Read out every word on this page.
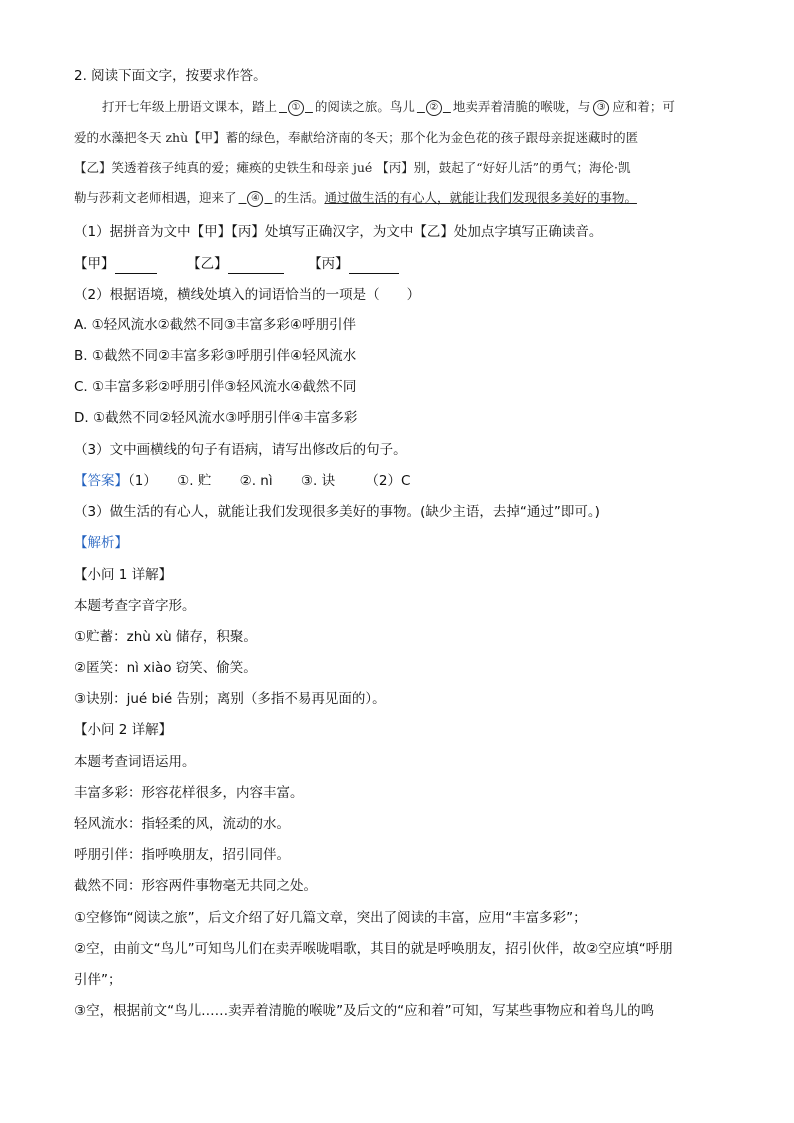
2. 阅读下面文字，按要求作答。
打开七年级上册语文课本，踏上  ①  的阅读之旅。鸟儿  ②  地卖弄着清脆的喉咙，与 ③ 应和着；可
爱的水藻把冬天 zhù【甲】蓄的绿色，奉献给济南的冬天；那个化为金色花的孩子跟母亲捉迷藏时的匿
【乙】笑透着孩子纯真的爱；瘫痪的史铁生和母亲 jué 【丙】别，鼓起了“好好儿活”的勇气；海伦·凯
勒与莎莉文老师相遇，迎来了  ④  的生活。通过做生活的有心人，就能让我们发现很多美好的事物。
（1）据拼音为文中【甲】【丙】处填写正确汉字，为文中【乙】处加点字填写正确读音。
【甲】	【乙】	【丙】
（2）根据语境，横线处填入的词语恰当的一项是（　　）
A. ①轻风流水②截然不同③丰富多彩④呼朋引伴
B. ①截然不同②丰富多彩③呼朋引伴④轻风流水
C. ①丰富多彩②呼朋引伴③轻风流水④截然不同
D. ①截然不同②轻风流水③呼朋引伴④丰富多彩
（3）文中画横线的句子有语病，请写出修改后的句子。
【答案】（1） ①. 贮 ②. nì ③. 诀 （2）C
（3）做生活的有心人，就能让我们发现很多美好的事物。(缺少主语，去掉“通过”即可。)
【解析】
【小问 1 详解】
本题考查字音字形。
①贮蓄：zhù xù 储存，积聚。
②匿笑：nì xiào 窃笑、偷笑。
③诀别：jué bié 告别；离别（多指不易再见面的）。
【小问 2 详解】
本题考查词语运用。
丰富多彩：形容花样很多，内容丰富。
轻风流水：指轻柔的风，流动的水。
呼朋引伴：指呼唤朋友，招引同伴。
截然不同：形容两件事物毫无共同之处。
①空修饰“阅读之旅”，后文介绍了好几篇文章，突出了阅读的丰富，应用“丰富多彩”；
②空，由前文“鸟儿”可知鸟儿们在卖弄喉咙唱歌，其目的就是呼唤朋友，招引伙伴，故②空应填“呼朋
引伴”；
③空，根据前文“鸟儿……卖弄着清脆的喉咙”及后文的“应和着”可知，写某些事物应和着鸟儿的鸣
